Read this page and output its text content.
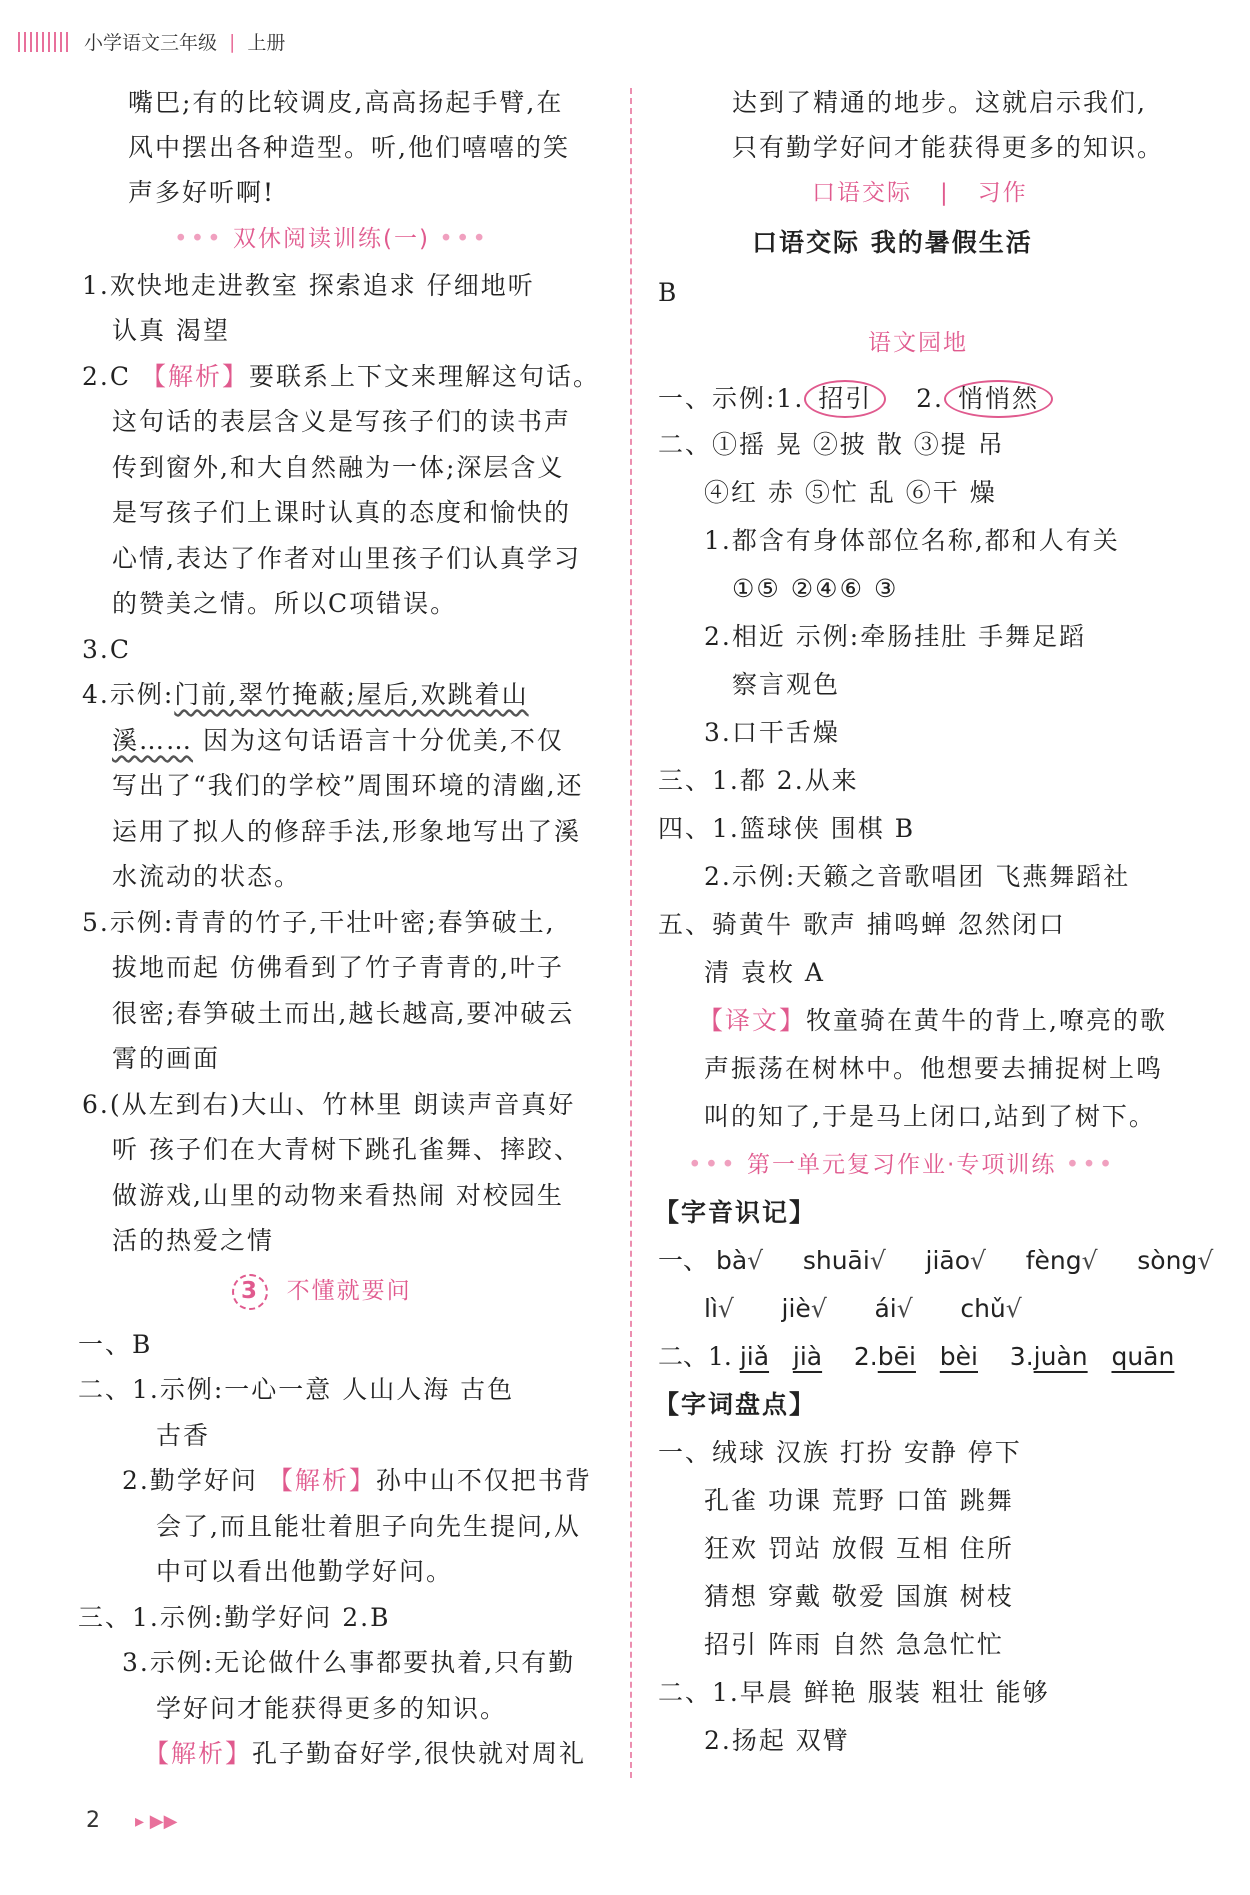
小学语文三年级 | 上册
嘴巴;有的比较调皮,高高扬起手臂,在
风中摆出各种造型。听,他们嘻嘻的笑
声多好听啊!
••• 双休阅读训练(一) •••
1.欢快地走进教室 探索追求 仔细地听
认真 渴望
2.C 【解析】要联系上下文来理解这句话。
这句话的表层含义是写孩子们的读书声
传到窗外,和大自然融为一体;深层含义
是写孩子们上课时认真的态度和愉快的
心情,表达了作者对山里孩子们认真学习
的赞美之情。所以C项错误。
3.C
4.示例:门前,翠竹掩蔽;屋后,欢跳着山
溪…… 因为这句话语言十分优美,不仅
写出了“我们的学校”周围环境的清幽,还
运用了拟人的修辞手法,形象地写出了溪
水流动的状态。
5.示例:青青的竹子,干壮叶密;春笋破土,
拔地而起 仿佛看到了竹子青青的,叶子
很密;春笋破土而出,越长越高,要冲破云
霄的画面
6.(从左到右)大山、竹林里 朗读声音真好
听 孩子们在大青树下跳孔雀舞、摔跤、
做游戏,山里的动物来看热闹 对校园生
活的热爱之情
3 不懂就要问
一、B
二、1.示例:一心一意 人山人海 古色
古香
2.勤学好问 【解析】孙中山不仅把书背
会了,而且能壮着胆子向先生提问,从
中可以看出他勤学好问。
三、1.示例:勤学好问 2.B
3.示例:无论做什么事都要执着,只有勤
学好问才能获得更多的知识。
【解析】孔子勤奋好学,很快就对周礼
达到了精通的地步。这就启示我们,
只有勤学好问才能获得更多的知识。
口语交际 | 习作
口语交际 我的暑假生活
B
语文园地
一、示例:1. 招引 2. 悄悄然
二、①摇 晃 ②披 散 ③提 吊
④红 赤 ⑤忙 乱 ⑥干 燥
1.都含有身体部位名称,都和人有关
①⑤ ②④⑥ ③
2.相近 示例:牵肠挂肚 手舞足蹈
察言观色
3.口干舌燥
三、1.都 2.从来
四、1.篮球侠 围棋 B
2.示例:天籁之音歌唱团 飞燕舞蹈社
五、骑黄牛 歌声 捕鸣蝉 忽然闭口
清 袁枚 A
【译文】牧童骑在黄牛的背上,嘹亮的歌
声振荡在树林中。他想要去捕捉树上鸣
叫的知了,于是马上闭口,站到了树下。
••• 第一单元复习作业·专项训练 •••
【字音识记】
一、 bà√ shuāi√ jiāo√ fèng√ sòng√
lì√ jiè√ ái√ chǔ√
二、1. jiǎ jià 2.bēi bèi 3.juàn quān
【字词盘点】
一、绒球 汉族 打扮 安静 停下
孔雀 功课 荒野 口笛 跳舞
狂欢 罚站 放假 互相 住所
猜想 穿戴 敬爱 国旗 树枝
招引 阵雨 自然 急急忙忙
二、1.早晨 鲜艳 服装 粗壮 能够
2.扬起 双臂
2 ▸ ▶▶
